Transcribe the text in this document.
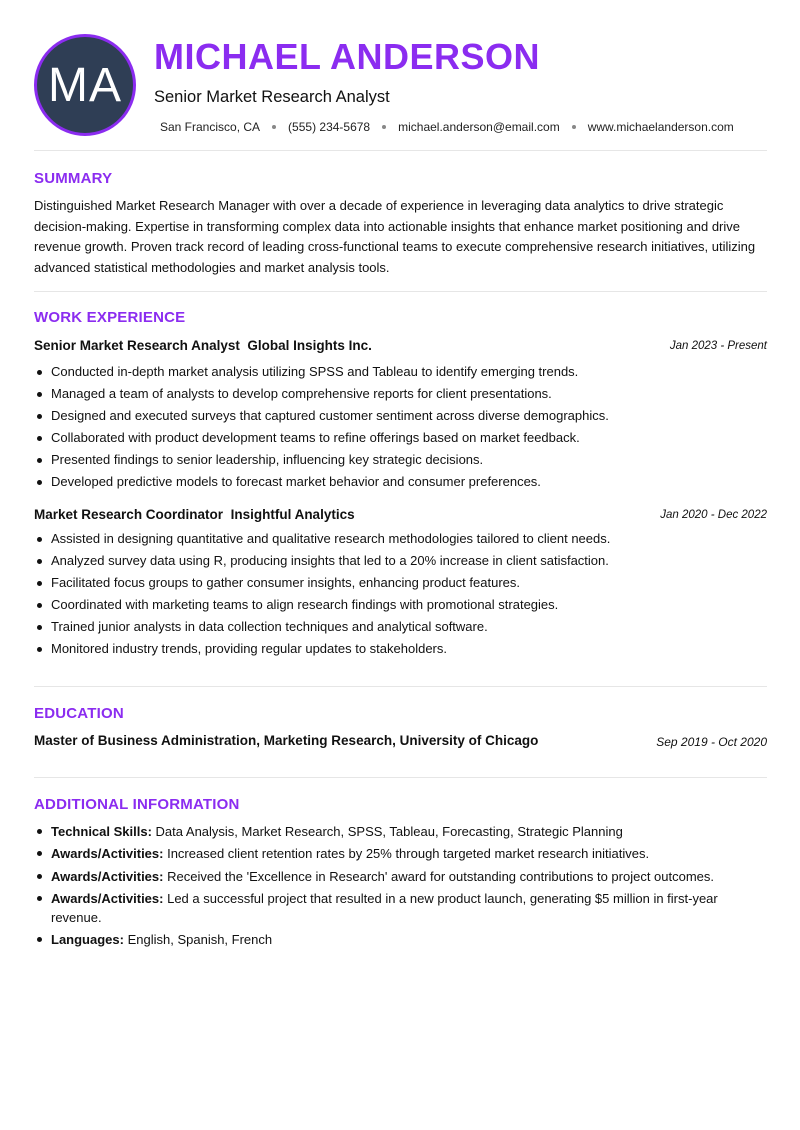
MA
MICHAEL ANDERSON
Senior Market Research Analyst
San Francisco, CA (555) 234-5678 michael.anderson@email.com www.michaelanderson.com
SUMMARY
Distinguished Market Research Manager with over a decade of experience in leveraging data analytics to drive strategic decision-making. Expertise in transforming complex data into actionable insights that enhance market positioning and drive revenue growth. Proven track record of leading cross-functional teams to execute comprehensive research initiatives, utilizing advanced statistical methodologies and market analysis tools.
WORK EXPERIENCE
Senior Market Research Analyst Global Insights Inc.	Jan 2023 - Present
Conducted in-depth market analysis utilizing SPSS and Tableau to identify emerging trends.
Managed a team of analysts to develop comprehensive reports for client presentations.
Designed and executed surveys that captured customer sentiment across diverse demographics.
Collaborated with product development teams to refine offerings based on market feedback.
Presented findings to senior leadership, influencing key strategic decisions.
Developed predictive models to forecast market behavior and consumer preferences.
Market Research Coordinator Insightful Analytics	Jan 2020 - Dec 2022
Assisted in designing quantitative and qualitative research methodologies tailored to client needs.
Analyzed survey data using R, producing insights that led to a 20% increase in client satisfaction.
Facilitated focus groups to gather consumer insights, enhancing product features.
Coordinated with marketing teams to align research findings with promotional strategies.
Trained junior analysts in data collection techniques and analytical software.
Monitored industry trends, providing regular updates to stakeholders.
EDUCATION
Master of Business Administration, Marketing Research, University of Chicago	Sep 2019 - Oct 2020
ADDITIONAL INFORMATION
Technical Skills: Data Analysis, Market Research, SPSS, Tableau, Forecasting, Strategic Planning
Awards/Activities: Increased client retention rates by 25% through targeted market research initiatives.
Awards/Activities: Received the 'Excellence in Research' award for outstanding contributions to project outcomes.
Awards/Activities: Led a successful project that resulted in a new product launch, generating $5 million in first-year revenue.
Languages: English, Spanish, French
